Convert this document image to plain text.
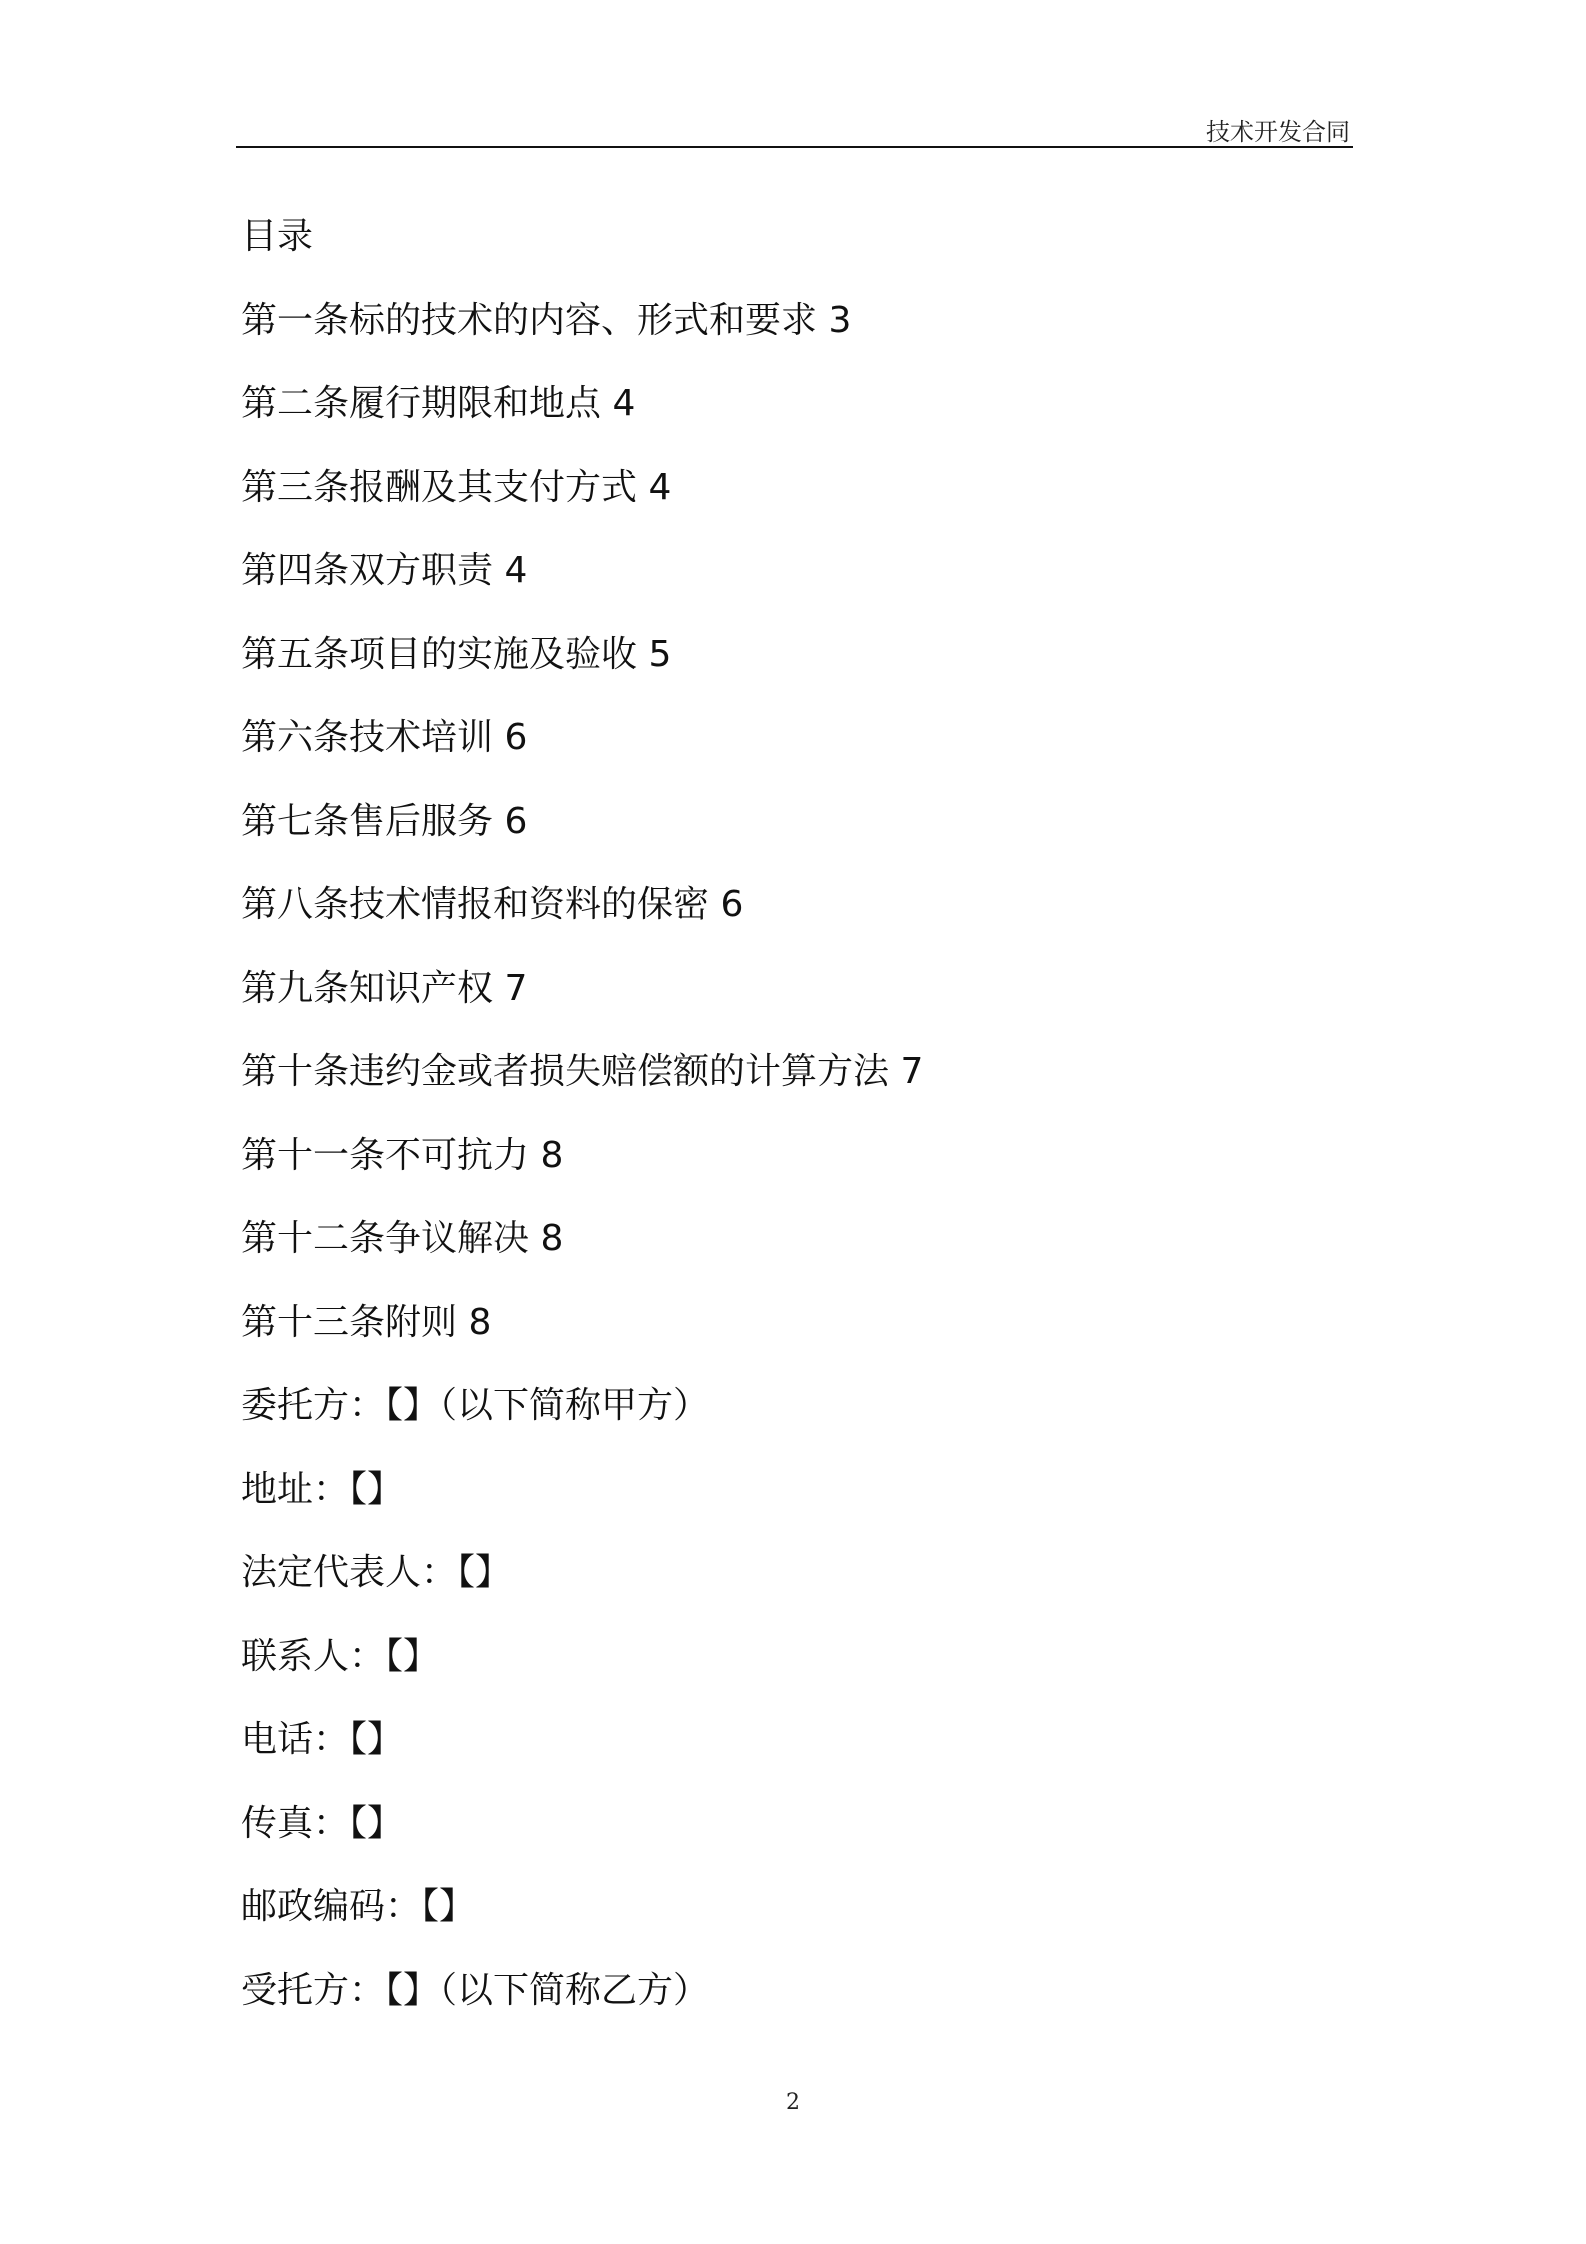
技术开发合同
目录
第一条标的技术的内容、形式和要求 3
第二条履行期限和地点 4
第三条报酬及其支付方式 4
第四条双方职责 4
第五条项目的实施及验收 5
第六条技术培训 6
第七条售后服务 6
第八条技术情报和资料的保密 6
第九条知识产权 7
第十条违约金或者损失赔偿额的计算方法 7
第十一条不可抗力 8
第十二条争议解决 8
第十三条附则 8
委托方：【】（以下简称甲方）
地址：【】
法定代表人：【】
联系人：【】
电话：【】
传真：【】
邮政编码：【】
受托方：【】（以下简称乙方）
2
